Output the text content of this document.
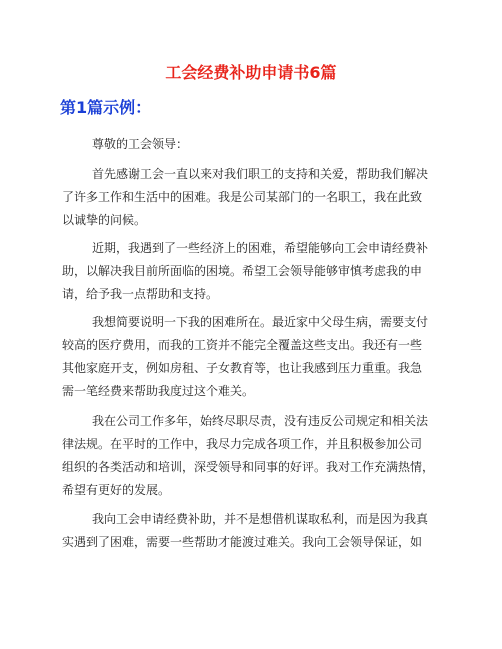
工会经费补助申请书6篇
第1篇示例：

尊敬的工会领导：

首先感谢工会一直以来对我们职工的支持和关爱，帮助我们解决
了许多工作和生活中的困难。我是公司某部门的一名职工，我在此致
以诚挚的问候。

近期，我遇到了一些经济上的困难，希望能够向工会申请经费补
助，以解决我目前所面临的困境。希望工会领导能够审慎考虑我的申
请，给予我一点帮助和支持。

我想简要说明一下我的困难所在。最近家中父母生病，需要支付
较高的医疗费用，而我的工资并不能完全覆盖这些支出。我还有一些
其他家庭开支，例如房租、子女教育等，也让我感到压力重重。我急
需一笔经费来帮助我度过这个难关。

我在公司工作多年，始终尽职尽责，没有违反公司规定和相关法
律法规。在平时的工作中，我尽力完成各项工作，并且积极参加公司
组织的各类活动和培训，深受领导和同事的好评。我对工作充满热情，
希望有更好的发展。

我向工会申请经费补助，并不是想借机谋取私利，而是因为我真
实遇到了困难，需要一些帮助才能渡过难关。我向工会领导保证，如
